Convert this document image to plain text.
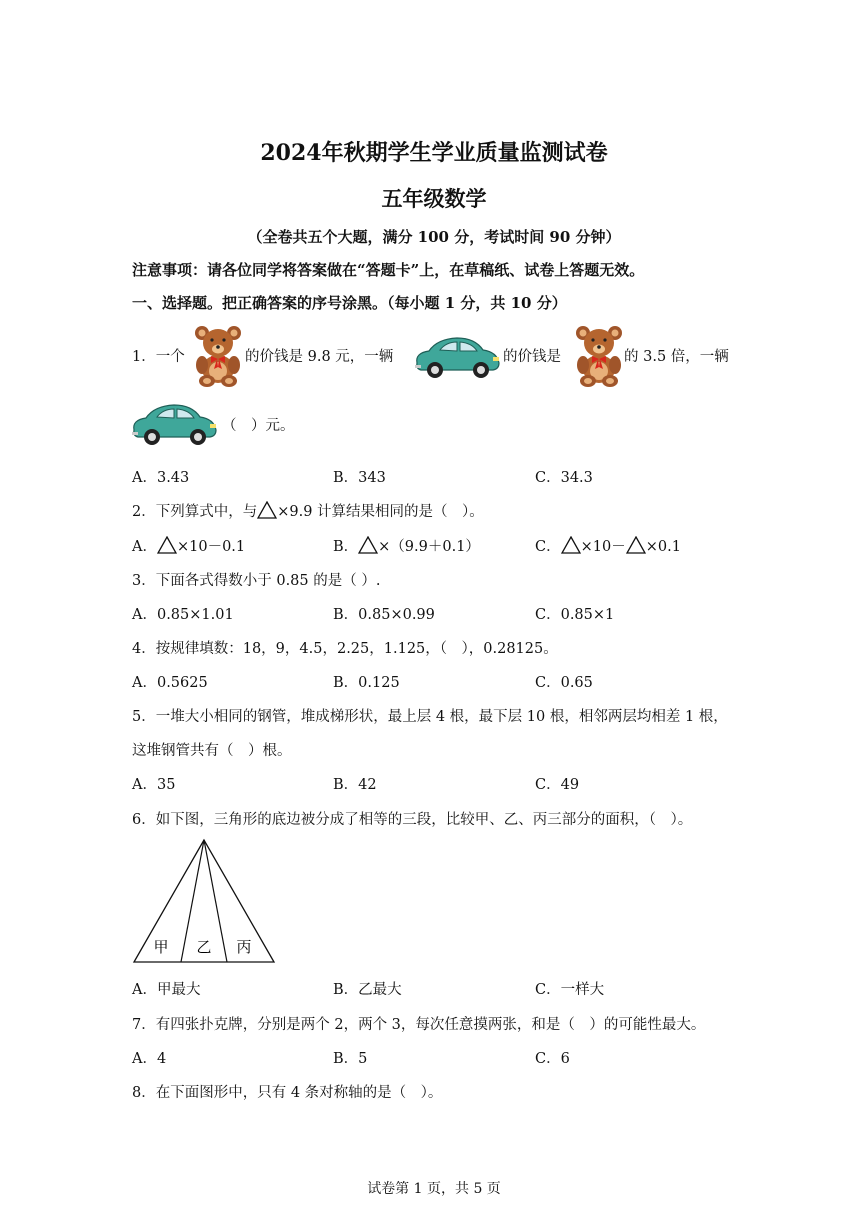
2024年秋期学生学业质量监测试卷
五年级数学
（全卷共五个大题，满分 100 分，考试时间 90 分钟）
注意事项：请各位同学将答案做在“答题卡”上，在草稿纸、试卷上答题无效。
一、选择题。把正确答案的序号涂黑。（每小题 1 分，共 10 分）
1．一个	的价钱是 9.8 元，一辆	的价钱是	的 3.5 倍，一辆
（　）元。
A．3.43	B．343	C．34.3
2．下列算式中，与 ×9.9 计算结果相同的是（　）。
A． ×10－0.1	B． ×（9.9＋0.1）	C． ×10－ ×0.1
3．下面各式得数小于 0.85 的是（ ）.
A．0.85×1.01	B．0.85×0.99	C．0.85×1
4．按规律填数：18，9，4.5，2.25，1.125，（　），0.28125。
A．0.5625	B．0.125	C．0.65
5．一堆大小相同的钢管，堆成梯形状，最上层 4 根，最下层 10 根，相邻两层均相差 1 根，
这堆钢管共有（　）根。
A．35	B．42	C．49
6．如下图，三角形的底边被分成了相等的三段，比较甲、乙、丙三部分的面积，（　）。
甲 乙 丙
A．甲最大	B．乙最大	C．一样大
7．有四张扑克牌，分别是两个 2，两个 3，每次任意摸两张，和是（　）的可能性最大。
A．4	B．5	C．6
8．在下面图形中，只有 4 条对称轴的是（　）。
试卷第 1 页，共 5 页
